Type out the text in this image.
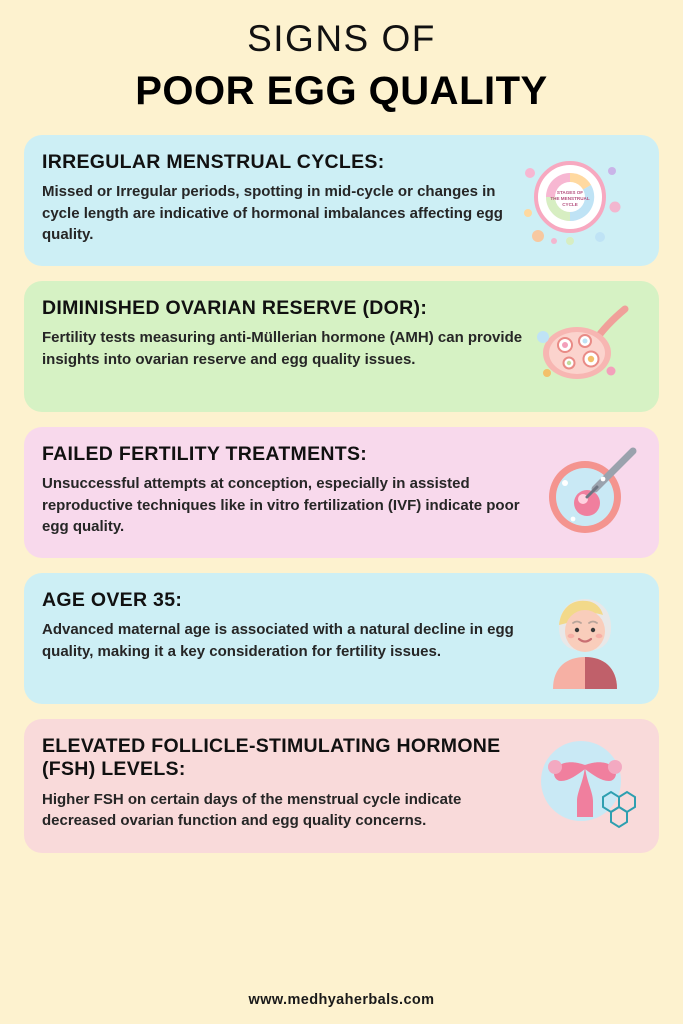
SIGNS OF
POOR EGG QUALITY
IRREGULAR MENSTRUAL CYCLES:
Missed or Irregular periods, spotting in mid-cycle or changes in cycle length are indicative of hormonal imbalances affecting egg quality.
STAGES OF
THE MENSTRUAL
CYCLE
DIMINISHED OVARIAN RESERVE (DOR):
Fertility tests measuring anti-Müllerian hormone (AMH) can provide insights into ovarian reserve and egg quality issues.
FAILED FERTILITY TREATMENTS:
Unsuccessful attempts at conception, especially in assisted reproductive techniques like in vitro fertilization (IVF) indicate poor egg quality.
AGE OVER 35:
Advanced maternal age is associated with a natural decline in egg quality, making it a key consideration for fertility issues.
ELEVATED FOLLICLE-STIMULATING HORMONE (FSH) LEVELS:
Higher FSH on certain days of the menstrual cycle indicate decreased ovarian function and egg quality concerns.
www.medhyaherbals.com
